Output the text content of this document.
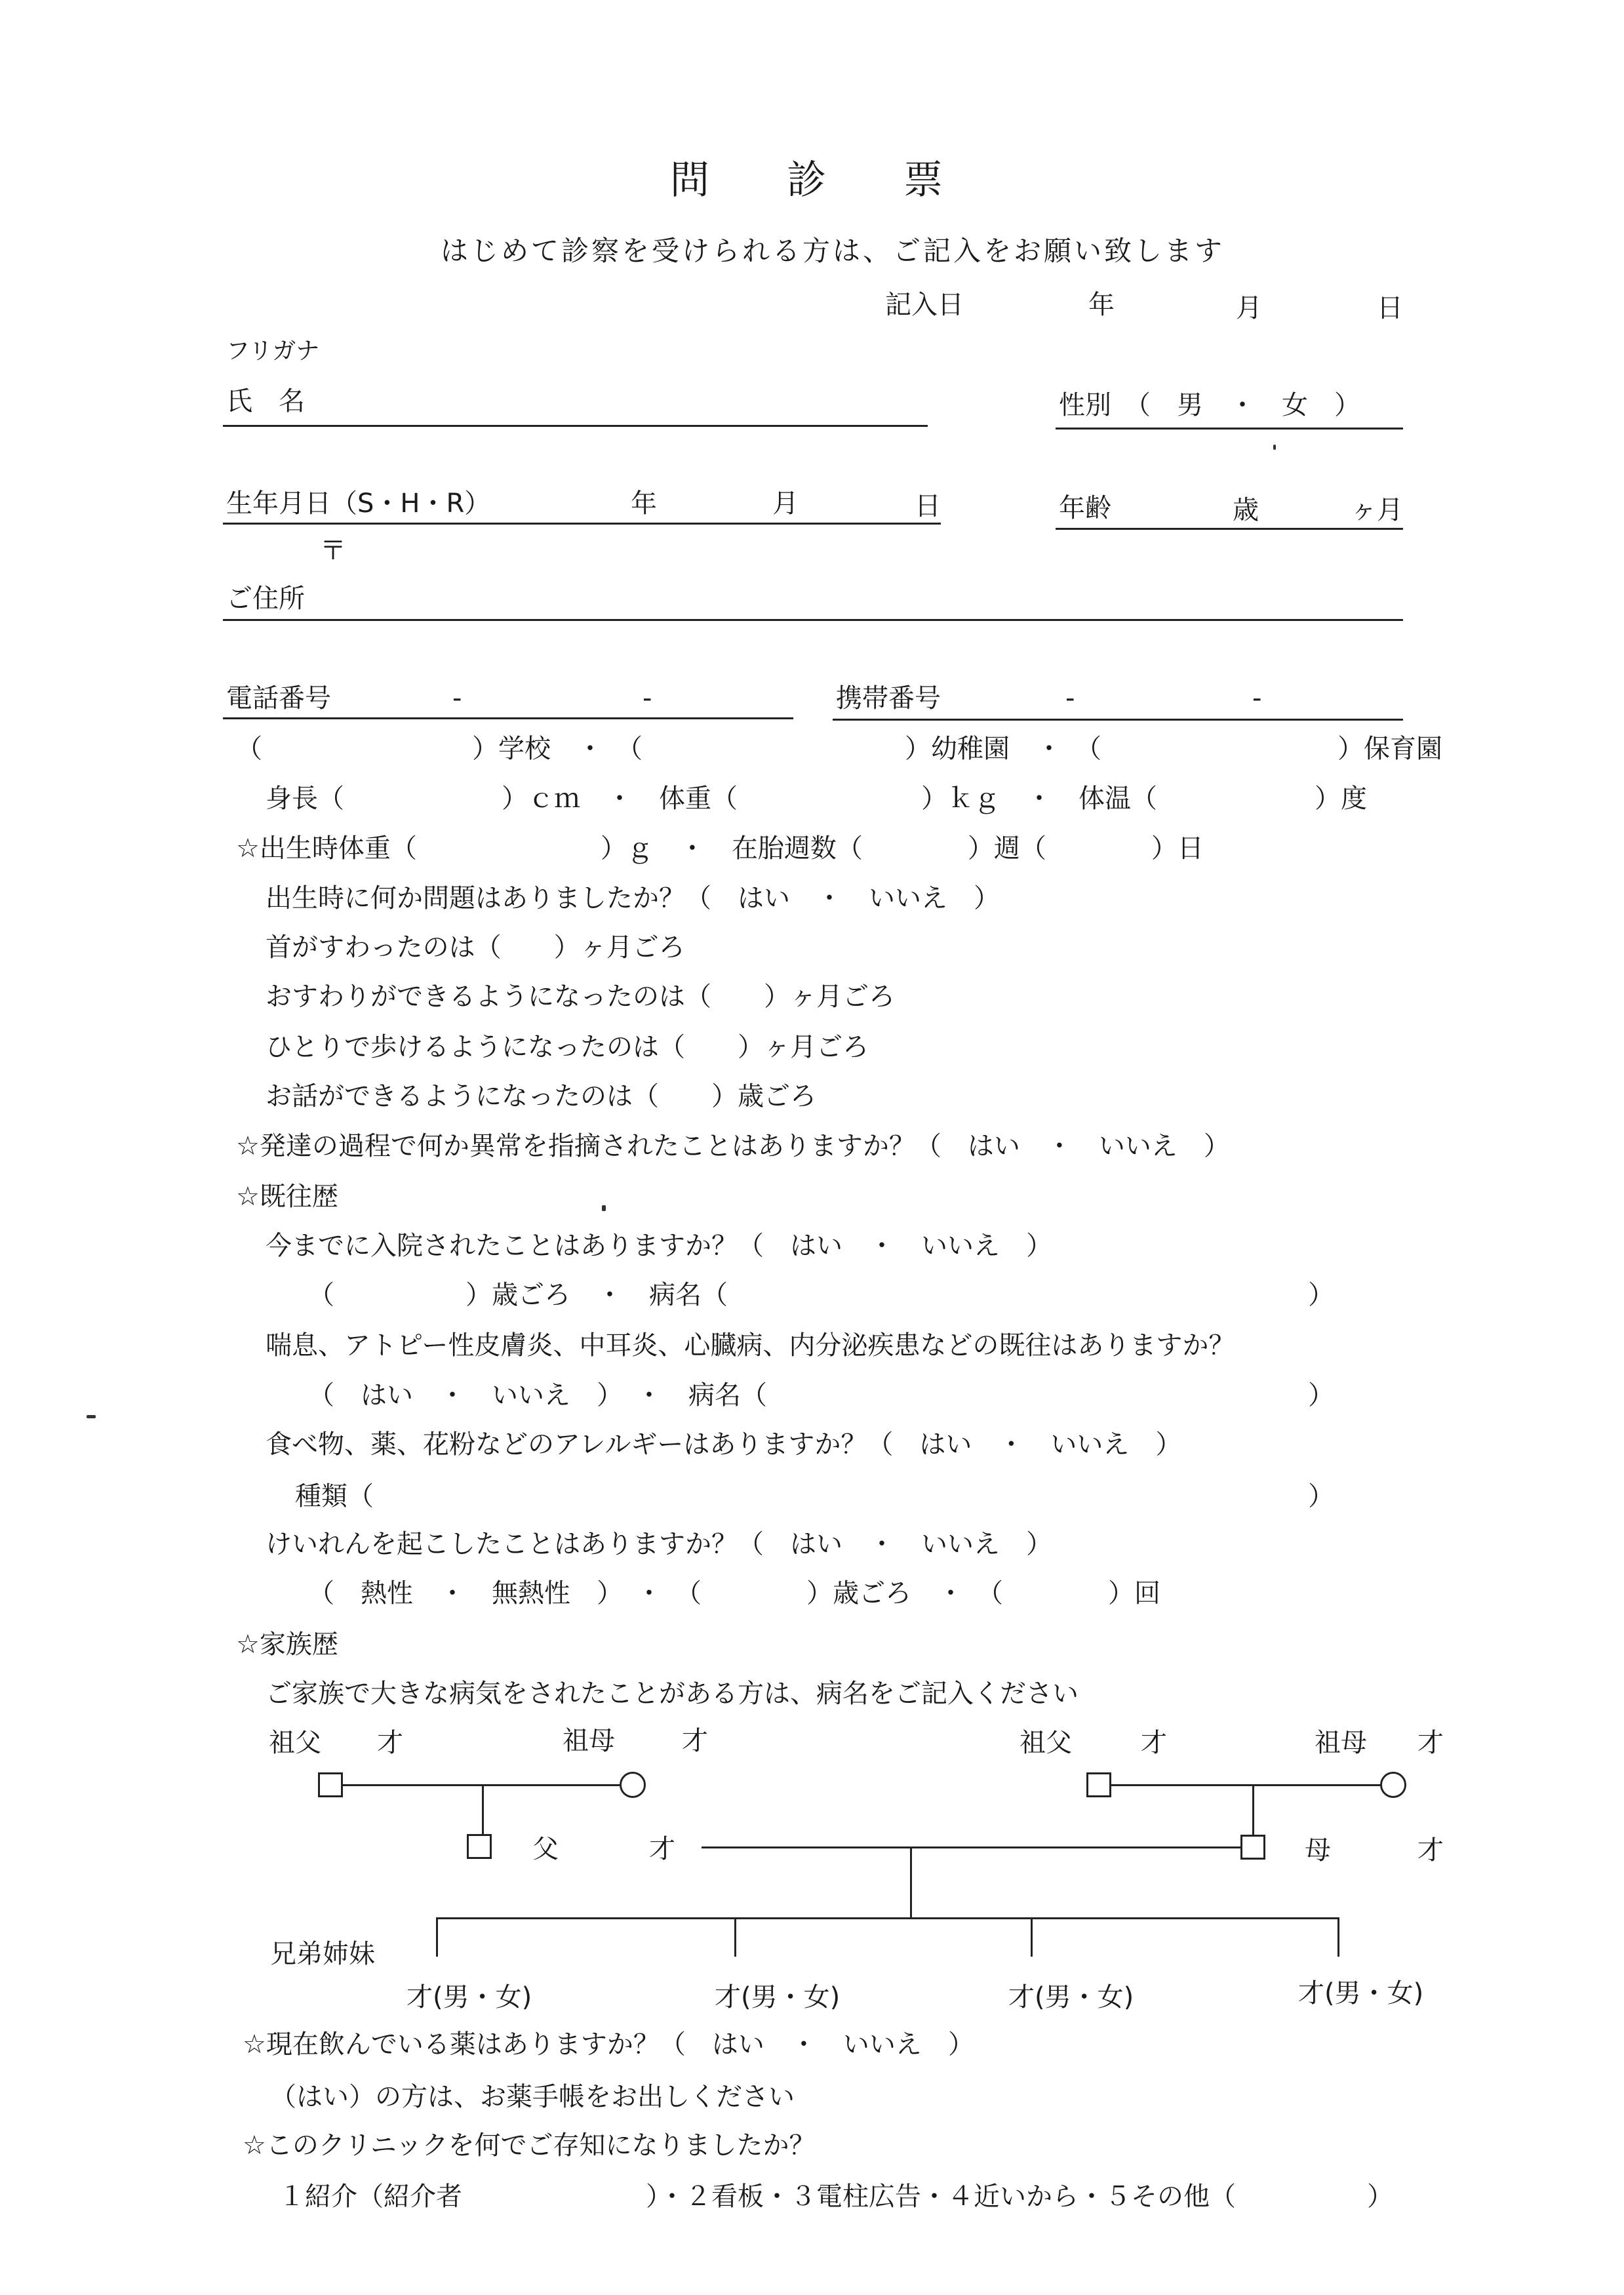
問 診 票
はじめて診察を受けられる方は、ご記入をお願い致します
記入日	年	月	日
フリガナ
氏　名	性別　（　男　・　女　）
生年月日（S・H・R）	年	月	日	年齢	歳	ヶ月
〒
ご住所
電話番号	-	-	携帯番号	-	-
（　　　　　　　　）学校　・　（　　　　　　　　　　）幼稚園　・　（　　　　　　　　　）保育園
身長（　　　　　　）ｃｍ　・　体重（　　　　　　　）ｋｇ　・　体温（　　　　　　）度
☆出生時体重（　　　　　　　）ｇ　・　在胎週数（　　　　）週（　　　　）日
出生時に何か問題はありましたか？（　はい　・　いいえ　）
首がすわったのは（　　）ヶ月ごろ
おすわりができるようになったのは（　　）ヶ月ごろ
ひとりで歩けるようになったのは（　　）ヶ月ごろ
お話ができるようになったのは（　　）歳ごろ
☆発達の過程で何か異常を指摘されたことはありますか？（　はい　・　いいえ　）
☆既往歴
今までに入院されたことはありますか？（　はい　・　いいえ　）
（　　　　　）歳ごろ　・　病名（	）
喘息、アトピー性皮膚炎、中耳炎、心臓病、内分泌疾患などの既往はありますか？
（　はい　・　いいえ　）　・　病名（	）
食べ物、薬、花粉などのアレルギーはありますか？（　はい　・　いいえ　）
種類（	）
けいれんを起こしたことはありますか？（　はい　・　いいえ　）
（　熱性　・　無熱性　）　・　（　　　　）歳ごろ　・　（　　　　）回
☆家族歴
ご家族で大きな病気をされたことがある方は、病名をご記入ください
祖父 才	祖母	才
父	才
祖父	才	祖母 才
母	才
兄弟姉妹
才(男・女)	才(男・女)	才(男・女)	才(男・女)
☆現在飲んでいる薬はありますか？（　はい　・　いいえ　）
（はい）の方は、お薬手帳をお出しください
☆このクリニックを何でご存知になりましたか？
１紹介（紹介者　　　　　　　）・２看板・３電柱広告・４近いから・５その他（　　　　　）
